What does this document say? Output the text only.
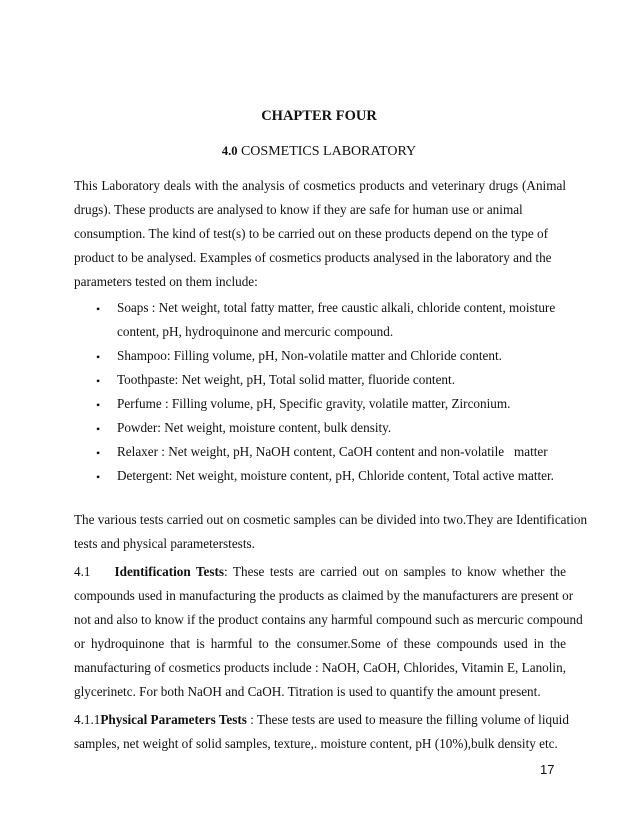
CHAPTER FOUR
4.0 COSMETICS LABORATORY
This Laboratory deals with the analysis of cosmetics products and veterinary drugs (Animal
drugs). These products are analysed to know if they are safe for human use or animal
consumption. The kind of test(s) to be carried out on these products depend on the type of
product to be analysed. Examples of cosmetics products analysed in the laboratory and the
parameters tested on them include:
• Soaps : Net weight, total fatty matter, free caustic alkali, chloride content, moisture
content, pH, hydroquinone and mercuric compound.
• Shampoo: Filling volume, pH, Non-volatile matter and Chloride content.
• Toothpaste: Net weight, pH, Total solid matter, fluoride content.
• Perfume : Filling volume, pH, Specific gravity, volatile matter, Zirconium.
• Powder: Net weight, moisture content, bulk density.
• Relaxer : Net weight, pH, NaOH content, CaOH content and non-volatile   matter
• Detergent: Net weight, moisture content, pH, Chloride content, Total active matter.
The various tests carried out on cosmetic samples can be divided into two.They are Identification
tests and physical parameterstests.
4.1 Identification Tests: These tests are carried out on samples to know whether the
compounds used in manufacturing the products as claimed by the manufacturers are present or
not and also to know if the product contains any harmful compound such as mercuric compound
or hydroquinone that is harmful to the consumer.Some of these compounds used in the
manufacturing of cosmetics products include : NaOH, CaOH, Chlorides, Vitamin E, Lanolin,
glycerinetc. For both NaOH and CaOH. Titration is used to quantify the amount present.
4.1.1Physical Parameters Tests : These tests are used to measure the filling volume of liquid
samples, net weight of solid samples, texture,. moisture content, pH (10%),bulk density etc.
17
